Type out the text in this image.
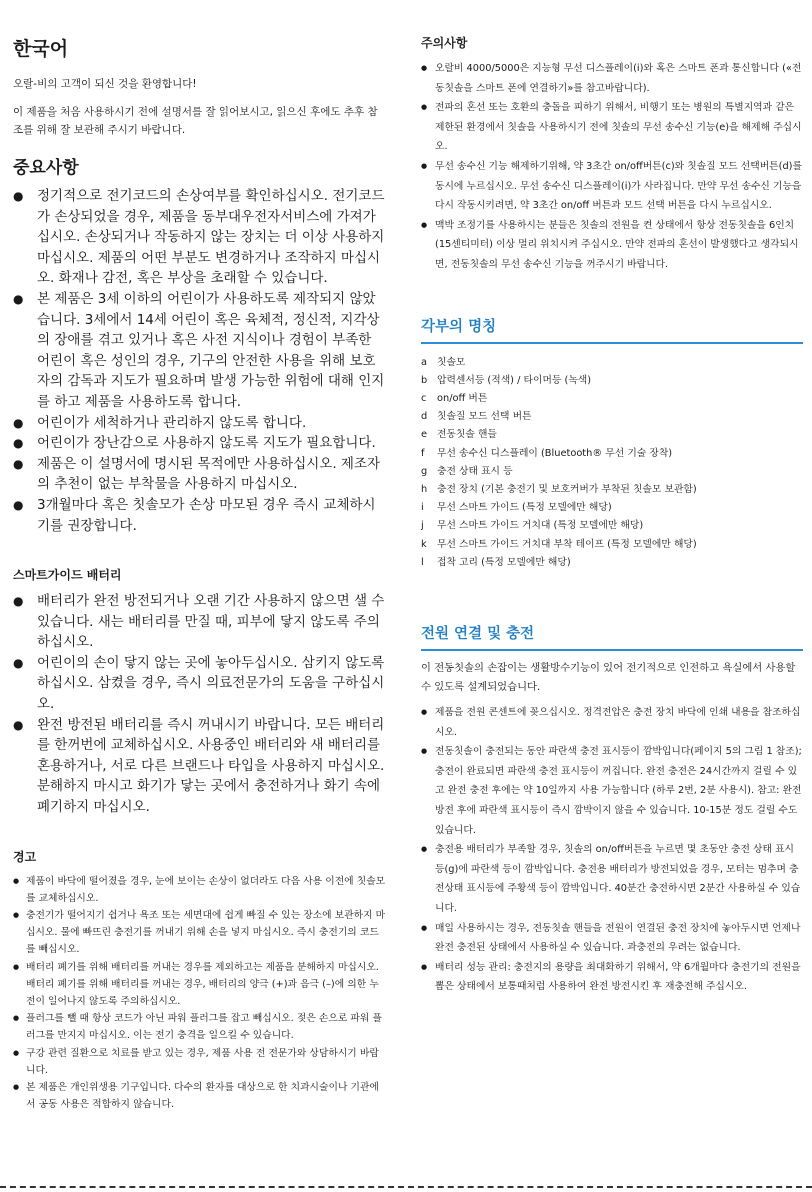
한국어

오랄-비의 고객이 되신 것을 환영합니다!

이 제품을 처음 사용하시기 전에 설명서를 잘 읽어보시고, 읽으신 후에도 추후 참조를 위해 잘 보관해 주시기 바랍니다.

중요사항
● 정기적으로 전기코드의 손상여부를 확인하십시오. 전기코드가 손상되었을 경우, 제품을 동부대우전자서비스에 가져가십시오. 손상되거나 작동하지 않는 장치는 더 이상 사용하지 마십시오. 제품의 어떤 부분도 변경하거나 조작하지 마십시오. 화재나 감전, 혹은 부상을 초래할 수 있습니다.
● 본 제품은 3세 이하의 어린이가 사용하도록 제작되지 않았습니다. 3세에서 14세 어린이 혹은 육체적, 정신적, 지각상의 장애를 겪고 있거나 혹은 사전 지식이나 경험이 부족한 어린이 혹은 성인의 경우, 기구의 안전한 사용을 위해 보호자의 감독과 지도가 필요하며 발생 가능한 위험에 대해 인지를 하고 제품을 사용하도록 합니다.
● 어린이가 세척하거나 관리하지 않도록 합니다.
● 어린이가 장난감으로 사용하지 않도록 지도가 필요합니다.
● 제품은 이 설명서에 명시된 목적에만 사용하십시오. 제조자의 추천이 없는 부착물을 사용하지 마십시오.
● 3개월마다 혹은 칫솔모가 손상 마모된 경우 즉시 교체하시기를 권장합니다.
스마트가이드 배터리
● 배터리가 완전 방전되거나 오랜 기간 사용하지 않으면 샐 수 있습니다. 새는 배터리를 만질 때, 피부에 닿지 않도록 주의하십시오.
● 어린이의 손이 닿지 않는 곳에 놓아두십시오. 삼키지 않도록 하십시오. 삼켰을 경우, 즉시 의료전문가의 도움을 구하십시오.
● 완전 방전된 배터리를 즉시 꺼내시기 바랍니다. 모든 배터리를 한꺼번에 교체하십시오. 사용중인 배터리와 새 배터리를 혼용하거나, 서로 다른 브랜드나 타입을 사용하지 마십시오. 분해하지 마시고 화기가 닿는 곳에서 충전하거나 화기 속에 폐기하지 마십시오.
경고
● 제품이 바닥에 떨어졌을 경우, 눈에 보이는 손상이 없더라도 다음 사용 이전에 칫솔모를 교체하십시오.
● 충전기가 떨어지기 쉽거나 욕조 또는 세면대에 쉽게 빠질 수 있는 장소에 보관하지 마십시오. 물에 빠뜨린 충전기를 꺼내기 위해 손을 넣지 마십시오. 즉시 충전기의 코드를 빼십시오.
● 배터리 폐기를 위해 배터리를 꺼내는 경우를 제외하고는 제품을 분해하지 마십시오. 배터리 폐기를 위해 배터리를 꺼내는 경우, 배터리의 양극 (+)과 음극 (–)에 의한 누전이 일어나지 않도록 주의하십시오.
● 플러그를 뺄 때 항상 코드가 아닌 파워 플러그를 잡고 빼십시오. 젖은 손으로 파워 플러그를 만지지 마십시오. 이는 전기 충격을 일으킬 수 있습니다.
● 구강 관련 질환으로 치료를 받고 있는 경우, 제품 사용 전 전문가와 상담하시기 바랍니다.
● 본 제품은 개인위생용 기구입니다. 다수의 환자를 대상으로 한 치과시술이나 기관에서 공동 사용은 적합하지 않습니다.
주의사항
● 오랄비 4000/5000은 지능형 무선 디스플레이(i)와 혹은 스마트 폰과 통신합니다 («전동칫솔을 스마트 폰에 연결하기»를 참고바랍니다).
● 전파의 혼선 또는 호환의 충돌을 피하기 위해서, 비행기 또는 병원의 특별지역과 같은 제한된 환경에서 칫솔을 사용하시기 전에 칫솔의 무선 송수신 기능(e)을 해제해 주십시오.
● 무선 송수신 기능 해제하기위해, 약 3초간 on/off버튼(c)와 칫솔질 모드 선택버튼(d)를 동시에 누르십시오. 무선 송수신 디스플레이(i)가 사라집니다. 만약 무선 송수신 기능을 다시 작동시키려면, 약 3초간 on/off 버튼과 모드 선택 버튼을 다시 누르십시오.
● 맥박 조정기를 사용하시는 분들은 칫솔의 전원을 켠 상태에서 항상 전동칫솔을 6인치(15센티미터) 이상 멀리 위치시켜 주십시오. 만약 전파의 혼선이 발생했다고 생각되시면, 전동칫솔의 무선 송수신 기능을 꺼주시기 바랍니다.
각부의 명칭
a	칫솔모
b 압력센서등 (적색) / 타이머등 (녹색)
c	on/off 버튼
d 칫솔질 모드 선택 버튼
e	전동칫솔 핸들
f	무선 송수신 디스플레이 (Bluetooth® 무선 기술 장착)
g 충전 상태 표시 등
h 충전 장치 (기본 충전기 및 보호커버가 부착된 칫솔모 보관함)
i	무선 스마트 가이드 (특정 모델에만 해당)
j	무선 스마트 가이드 거치대 (특정 모델에만 해당)
k	무선 스마트 가이드 거치대 부착 테이프 (특정 모델에만 해당)
l	접착 고리 (특정 모델에만 해당)
전원 연결 및 충전

이 전동칫솔의 손잡이는 생활방수기능이 있어 전기적으로 인전하고 욕실에서 사용할 수 있도록 설계되었습니다.

● 제품을 전원 콘센트에 꽂으십시오. 정격전압은 충전 장치 바닥에 인쇄 내용을 참조하십시오.
● 전동칫솔이 충전되는 동안 파란색 충전 표시등이 깜박입니다(페이지 5의 그림 1 참조); 충전이 완료되면 파란색 충전 표시등이 꺼집니다. 완전 충전은 24시간까지 걸릴 수 있고 완전 충전 후에는 약 10일까지 사용 가능합니다 (하루 2번, 2분 사용시). 참고: 완전 방전 후에 파란색 표시등이 즉시 깜박이지 않을 수 있습니다. 10-15분 정도 걸릴 수도 있습니다.
● 충전용 배터리가 부족할 경우, 칫솔의 on/off버튼을 누르면 몇 초동안 충전 상태 표시등(g)에 파란색 등이 깜박입니다. 충전용 배터리가 방전되었을 경우, 모터는 멈추며 충전상태 표시등에 주황색 등이 깜박입니다. 40분간 충전하시면 2분간 사용하실 수 있습니다.
● 매일 사용하시는 경우, 전동칫솔 핸들을 전원이 연결된 충전 장치에 놓아두시면 언제나 완전 충전된 상태에서 사용하실 수 있습니다. 과충전의 우려는 없습니다.
● 배터리 성능 관리: 충전지의 용량을 최대화하기 위해서, 약 6개월마다 충전기의 전원을 뽑은 상태에서 보통때처럼 사용하여 완전 방전시킨 후 재충전해 주십시오.
